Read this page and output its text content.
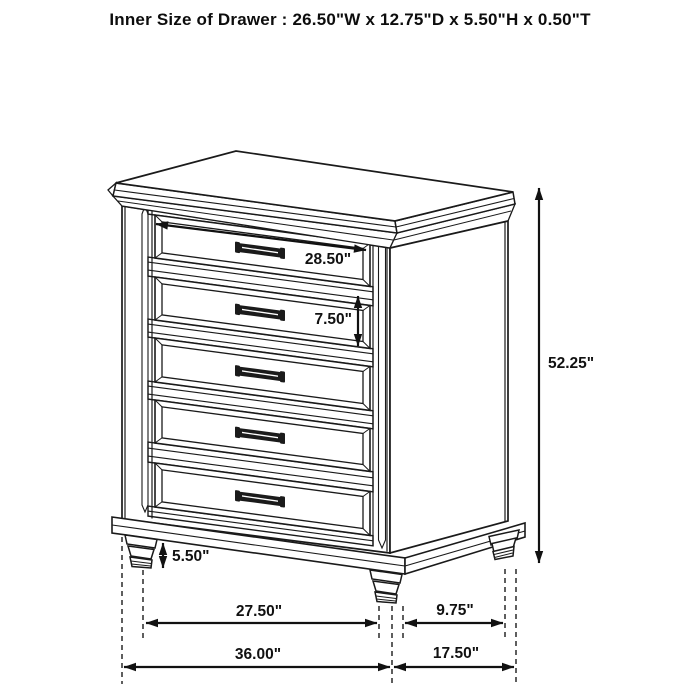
Inner Size of Drawer : 26.50"W x 12.75"D x 5.50"H x 0.50"T
28.50"
7.50"
52.25"
5.50"
27.50"	9.75"
36.00"	17.50"
